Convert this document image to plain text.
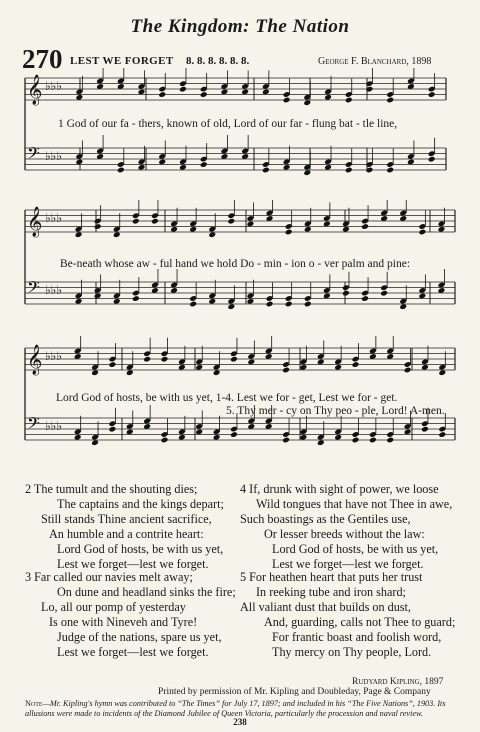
The Kingdom: The Nation
270 LEST WE FORGET 8. 8. 8. 8. 8. 8.	George F. Blanchard, 1898
𝄞 ♭♭♭
𝄢 ♭♭♭
1 God of our fa - thers, known of old, Lord of our far - flung bat - tle line,
𝄞 ♭♭♭
𝄢 ♭♭♭
Be-neath whose aw - ful hand we hold Do - min - ion o - ver palm and pine:
𝄞 ♭♭♭
𝄢 ♭♭♭
Lord God of hosts, be with us yet, 1-4. Lest we for - get, Lest we for - get.
5. Thy mer - cy on Thy peo - ple, Lord! A-men.
2 The tumult and the shouting dies;
The captains and the kings depart;
Still stands Thine ancient sacrifice,
An humble and a contrite heart:
Lord God of hosts, be with us yet,
Lest we forget—lest we forget.
3 Far called our navies melt away;
On dune and headland sinks the fire;
Lo, all our pomp of yesterday
Is one with Nineveh and Tyre!
Judge of the nations, spare us yet,
Lest we forget—lest we forget.
4 If, drunk with sight of power, we loose
Wild tongues that have not Thee in awe,
Such boastings as the Gentiles use,
Or lesser breeds without the law:
Lord God of hosts, be with us yet,
Lest we forget—lest we forget.
5 For heathen heart that puts her trust
In reeking tube and iron shard;
All valiant dust that builds on dust,
And, guarding, calls not Thee to guard;
For frantic boast and foolish word,
Thy mercy on Thy people, Lord.
Rudyard Kipling, 1897
Printed by permission of Mr. Kipling and Doubleday, Page & Company
Note—Mr. Kipling's hymn was contributed to “The Times” for July 17, 1897; and included in his “The Five Nations”, 1903. Its allusions were made to incidents of the Diamond Jubilee of Queen Victoria, particularly the procession and naval review.
238
